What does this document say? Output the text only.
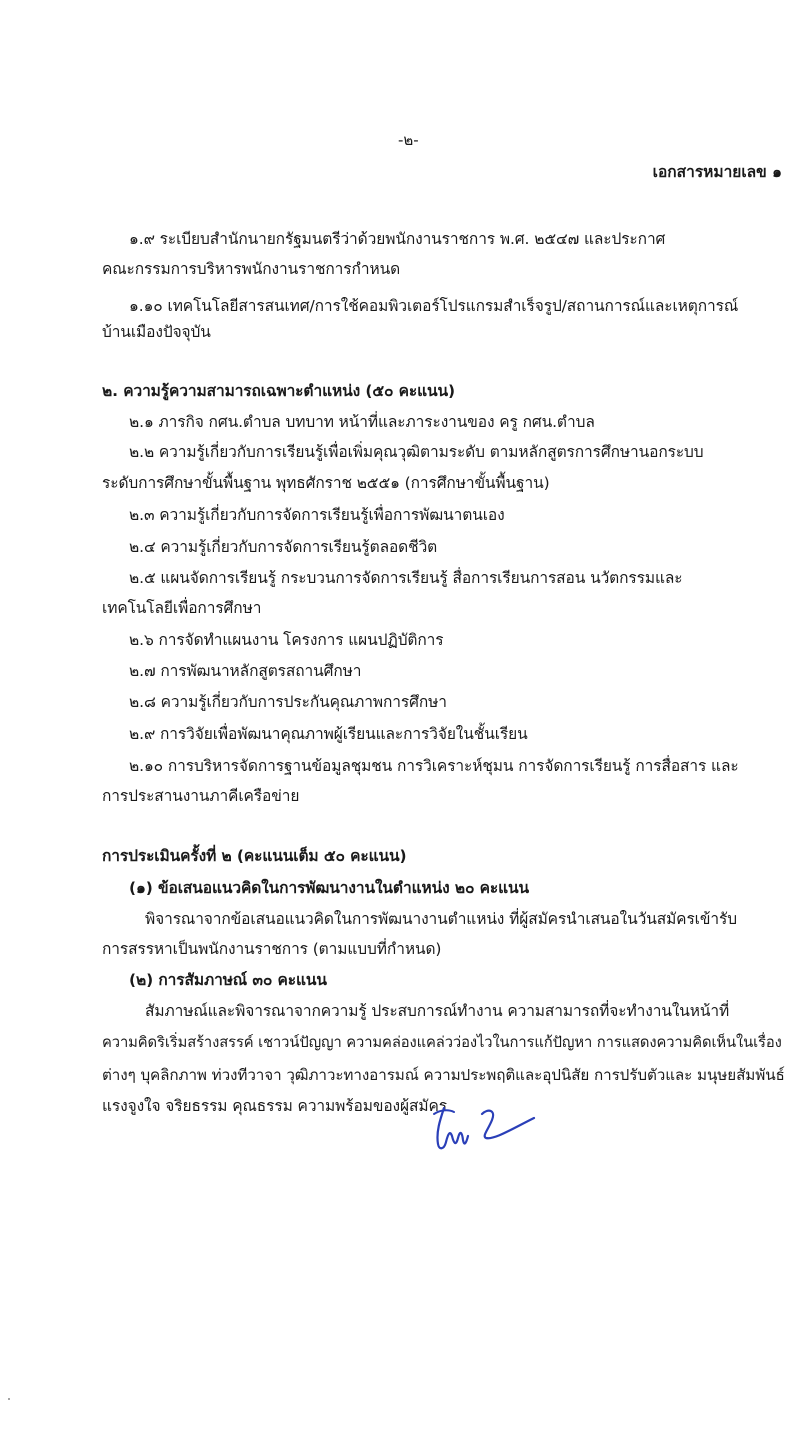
-๒-
เอกสารหมายเลข ๑
๑.๙ ระเบียบสำนักนายกรัฐมนตรีว่าด้วยพนักงานราชการ พ.ศ. ๒๕๔๗ และประกาศ
คณะกรรมการบริหารพนักงานราชการกำหนด
๑.๑๐ เทคโนโลยีสารสนเทศ/การใช้คอมพิวเตอร์โปรแกรมสำเร็จรูป/สถานการณ์และเหตุการณ์
บ้านเมืองปัจจุบัน
๒. ความรู้ความสามารถเฉพาะตำแหน่ง (๕๐ คะแนน)
๒.๑ ภารกิจ กศน.ตำบล บทบาท หน้าที่และภาระงานของ ครู กศน.ตำบล
๒.๒ ความรู้เกี่ยวกับการเรียนรู้เพื่อเพิ่มคุณวุฒิตามระดับ ตามหลักสูตรการศึกษานอกระบบ
ระดับการศึกษาขั้นพื้นฐาน พุทธศักราช ๒๕๕๑ (การศึกษาขั้นพื้นฐาน)
๒.๓ ความรู้เกี่ยวกับการจัดการเรียนรู้เพื่อการพัฒนาตนเอง
๒.๔ ความรู้เกี่ยวกับการจัดการเรียนรู้ตลอดชีวิต
๒.๕ แผนจัดการเรียนรู้ กระบวนการจัดการเรียนรู้ สื่อการเรียนการสอน นวัตกรรมและ
เทคโนโลยีเพื่อการศึกษา
๒.๖ การจัดทำแผนงาน โครงการ แผนปฏิบัติการ
๒.๗ การพัฒนาหลักสูตรสถานศึกษา
๒.๘ ความรู้เกี่ยวกับการประกันคุณภาพการศึกษา
๒.๙ การวิจัยเพื่อพัฒนาคุณภาพผู้เรียนและการวิจัยในชั้นเรียน
๒.๑๐ การบริหารจัดการฐานข้อมูลชุมชน การวิเคราะห์ชุมน การจัดการเรียนรู้ การสื่อสาร และ
การประสานงานภาคีเครือข่าย
การประเมินครั้งที่ ๒ (คะแนนเต็ม ๕๐ คะแนน)
(๑) ข้อเสนอแนวคิดในการพัฒนางานในตำแหน่ง ๒๐ คะแนน
พิจารณาจากข้อเสนอแนวคิดในการพัฒนางานตำแหน่ง ที่ผู้สมัครนำเสนอในวันสมัครเข้ารับ
การสรรหาเป็นพนักงานราชการ (ตามแบบที่กำหนด)
(๒) การสัมภาษณ์ ๓๐ คะแนน
สัมภาษณ์และพิจารณาจากความรู้ ประสบการณ์ทำงาน ความสามารถที่จะทำงานในหน้าที่
ความคิดริเริ่มสร้างสรรค์ เชาวน์ปัญญา ความคล่องแคล่วว่องไวในการแก้ปัญหา การแสดงความคิดเห็นในเรื่อง
ต่างๆ บุคลิกภาพ ท่วงทีวาจา วุฒิภาวะทางอารมณ์ ความประพฤติและอุปนิสัย การปรับตัวและ มนุษยสัมพันธ์
แรงจูงใจ จริยธรรม คุณธรรม ความพร้อมของผู้สมัคร
